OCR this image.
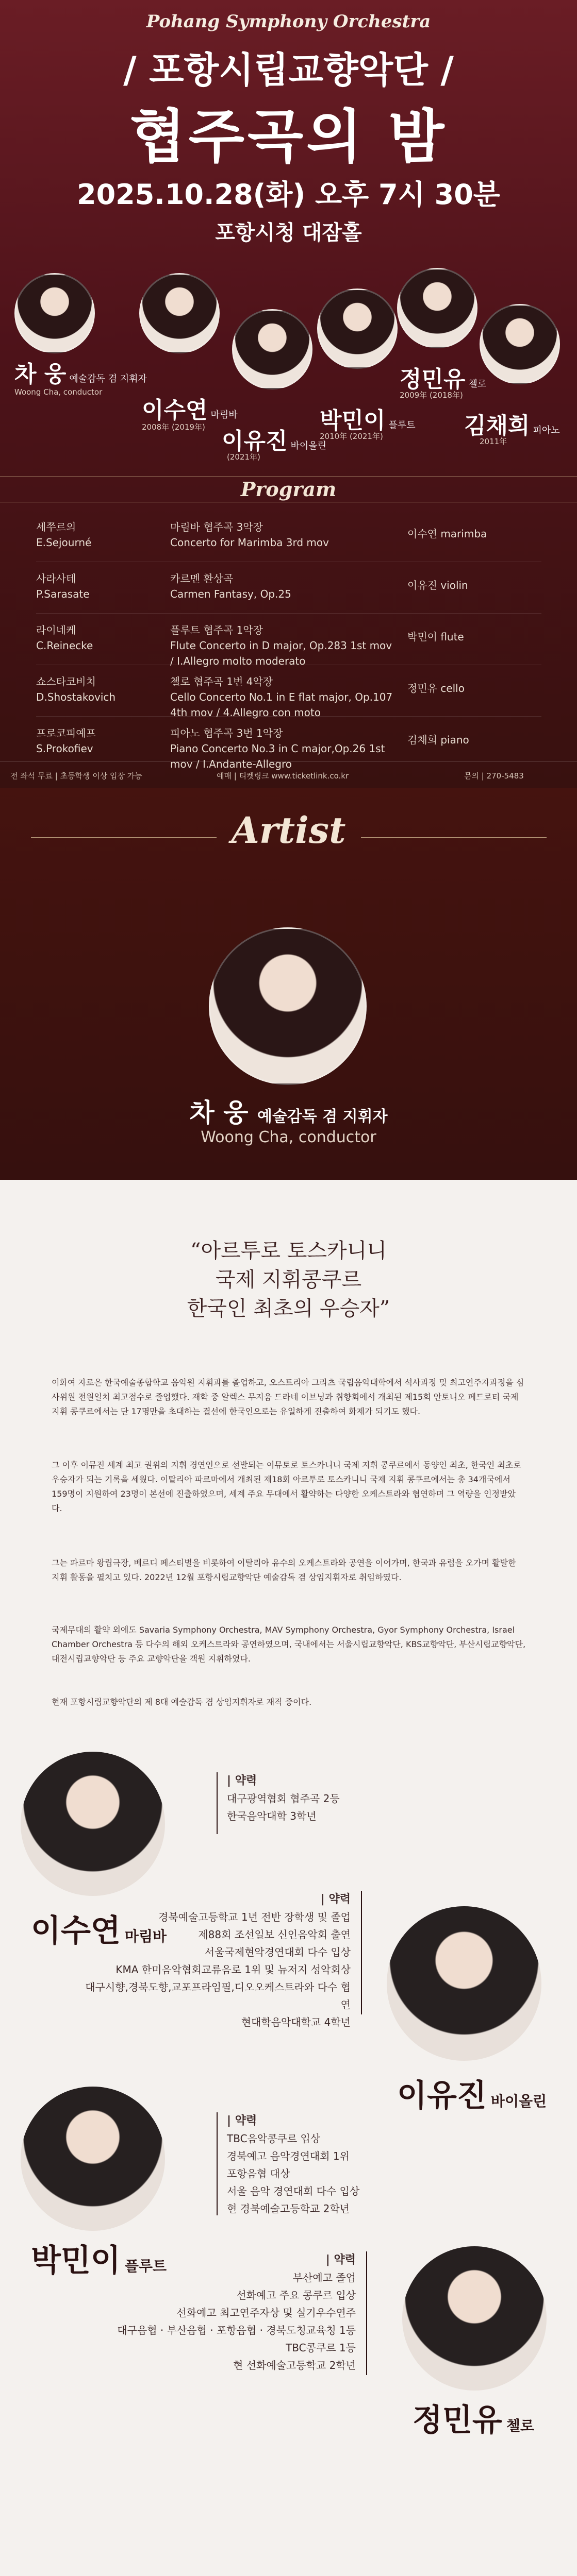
Pohang Symphony Orchestra
/ 포항시립교향악단 /
협주곡의 밤
2025.10.28(화) 오후 7시 30분
포항시청 대잠홀
차 웅 예술감독 겸 지휘자
Woong Cha, conductor
이수연 마림바
2008年 (2019年)
이유진 바이올린
(2021年)
박민이 플루트
2010年 (2021年)
정민유 첼로
2009年 (2018年)
김채희 피아노
2011年
Program
세쭈르의
E.Sejourné
마림바 협주곡 3악장
Concerto for Marimba 3rd mov
이수연 marimba
사라사테
P.Sarasate
카르멘 환상곡
Carmen Fantasy, Op.25
이유진 violin
라이네케
C.Reinecke
플루트 협주곡 1악장
Flute Concerto in D major, Op.283 1st mov / I.Allegro molto moderato
박민이 flute
쇼스타코비치
D.Shostakovich
첼로 협주곡 1번 4악장
Cello Concerto No.1 in E flat major, Op.107 4th mov / 4.Allegro con moto
정민유 cello
프로코피예프
S.Prokofiev
피아노 협주곡 3번 1악장
Piano Concerto No.3 in C major,Op.26 1st mov / I.Andante-Allegro
김채희 piano
전 좌석 무료 | 초등학생 이상 입장 가능	예매 | 티켓링크 www.ticketlink.co.kr	문의 | 270-5483
Artist
차 웅 예술감독 겸 지휘자
Woong Cha, conductor
“아르투로 토스카니니
국제 지휘콩쿠르
한국인 최초의 우승자”
이화여 자로은 한국예술종합학교 음악원 지휘과를 졸업하고, 오스트리아 그라츠 국립음악대학에서 석사과정 및 최고연주자과정을 심사위원 전원일치 최고점수로 졸업했다. 재학 중 알렉스 무지움 드라네 이브닝과 취향회에서 개최된 제15회 안토니오 페드로티 국제 지휘 콩쿠르에서는 단 17명만을 초대하는 결선에 한국인으로는 유일하게 진출하여 화제가 되기도 했다.
그 이후 이뮤진 세계 최고 권위의 지휘 경연인으로 선발되는 이뮤토로 토스카니니 국제 지휘 콩쿠르에서 동양인 최초, 한국인 최초로 우승자가 되는 기록을 세웠다. 이탈리아 파르마에서 개최된 제18회 아르투로 토스카니니 국제 지휘 콩쿠르에서는 총 34개국에서 159명이 지원하여 23명이 본선에 진출하였으며, 세계 주요 무대에서 활약하는 다양한 오케스트라와 협연하며 그 역량을 인정받았다.
그는 파르마 왕립극장, 베르디 페스티벌을 비롯하여 이탈리아 유수의 오케스트라와 공연을 이어가며, 한국과 유럽을 오가며 활발한 지휘 활동을 펼치고 있다. 2022년 12월 포항시립교향악단 예술감독 겸 상임지휘자로 취임하였다.
국제무대의 활약 외에도 Savaria Symphony Orchestra, MAV Symphony Orchestra, Gyor Symphony Orchestra, Israel Chamber Orchestra 등 다수의 해외 오케스트라와 공연하였으며, 국내에서는 서울시립교향악단, KBS교향악단, 부산시립교향악단, 대전시립교향악단 등 주요 교향악단을 객원 지휘하였다.
현재 포항시립교향악단의 제 8대 예술감독 겸 상임지휘자로 재직 중이다.
이수연 마림바
| 약력
대구광역협회 협주곡 2등
한국음악대학 3학년
이유진 바이올린
| 약력
경북예술고등학교 1년 전반 장학생 및 졸업
제88회 조선일보 신인음악회 출연
서울국제현악경연대회 다수 입상
KMA 한미음악협회교류음로 1위 및 뉴저지 성악회상
대구시향,경북도향,교포프라임필,디오오케스트라와 다수 협연
현대학음악대학교 4학년
박민이 플루트
| 약력
TBC음악콩쿠르 입상
경북예고 음악경연대회 1위
포항음협 대상
서울 음악 경연대회 다수 입상
현 경북예술고등학교 2학년
정민유 첼로
| 약력
부산예고 졸업
선화예고 주요 콩쿠르 입상
선화예고 최고연주자상 및 실기우수연주
대구음협 · 부산음협 · 포항음협 · 경북도청교육청 1등
TBC콩쿠르 1등
현 선화예술고등학교 2학년
